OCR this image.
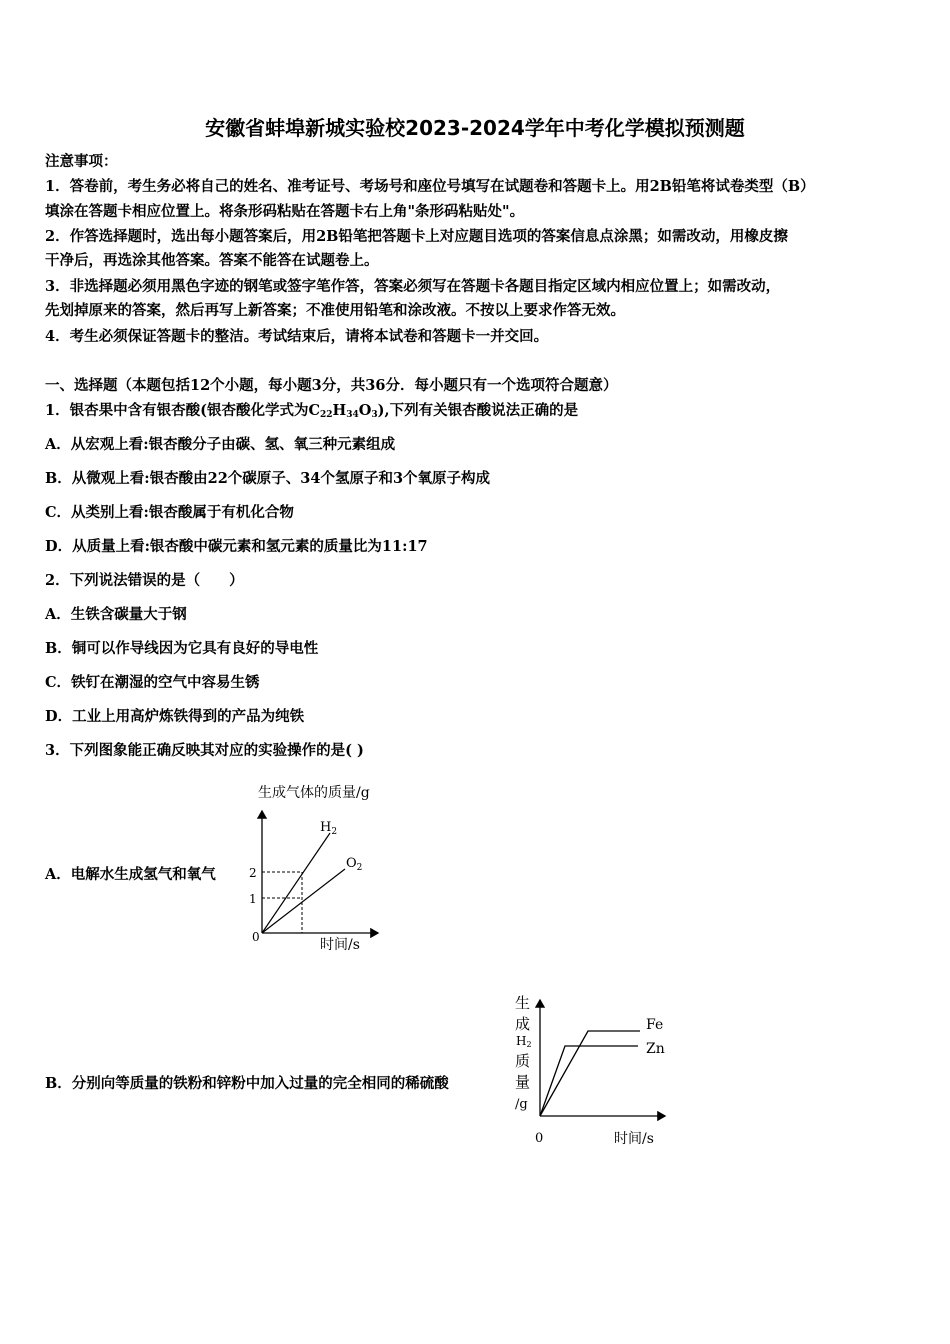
安徽省蚌埠新城实验校2023-2024学年中考化学模拟预测题
注意事项：
1．答卷前，考生务必将自己的姓名、准考证号、考场号和座位号填写在试题卷和答题卡上。用2B铅笔将试卷类型（B）
填涂在答题卡相应位置上。将条形码粘贴在答题卡右上角"条形码粘贴处"。
2．作答选择题时，选出每小题答案后，用2B铅笔把答题卡上对应题目选项的答案信息点涂黑；如需改动，用橡皮擦
干净后，再选涂其他答案。答案不能答在试题卷上。
3．非选择题必须用黑色字迹的钢笔或签字笔作答，答案必须写在答题卡各题目指定区域内相应位置上；如需改动，
先划掉原来的答案，然后再写上新答案；不准使用铅笔和涂改液。不按以上要求作答无效。
4．考生必须保证答题卡的整洁。考试结束后，请将本试卷和答题卡一并交回。
一、选择题（本题包括12个小题，每小题3分，共36分．每小题只有一个选项符合题意）
1．银杏果中含有银杏酸(银杏酸化学式为$C_{22}H_{34}O_3$),下列有关银杏酸说法正确的是
A．从宏观上看:银杏酸分子由碳、氢、氧三种元素组成
B．从微观上看:银杏酸由22个碳原子、34个氢原子和3个氧原子构成
C．从类别上看:银杏酸属于有机化合物
D．从质量上看:银杏酸中碳元素和氢元素的质量比为11:17
2．下列说法错误的是（　　）
A．生铁含碳量大于钢
B．铜可以作导线因为它具有良好的导电性
C．铁钉在潮湿的空气中容易生锈
D．工业上用高炉炼铁得到的产品为纯铁
3．下列图象能正确反映其对应的实验操作的是( )
A．电解水生成氢气和氧气
生成气体的质量/g
0
2
1
$H_2$
$O_2$
时间/s
B．分别向等质量的铁粉和锌粉中加入过量的完全相同的稀硫酸
生
成
H2
质
量
/g
0
Fe
Zn
时间/s
